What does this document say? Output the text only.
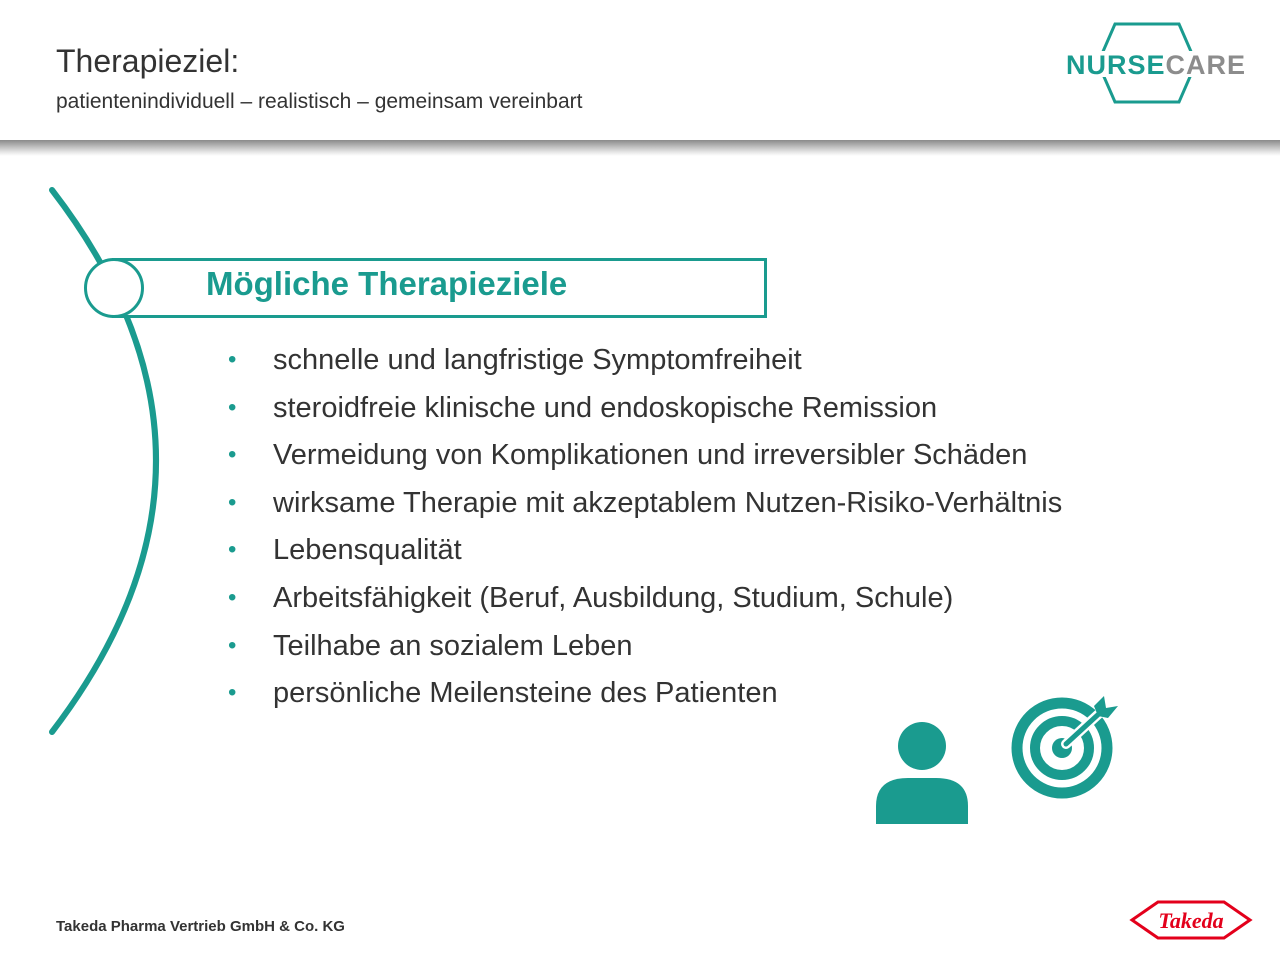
Therapieziel:
patientenindividuell – realistisch – gemeinsam vereinbart
NURSECARE
Mögliche Therapieziele
•	schnelle und langfristige Symptomfreiheit
•	steroidfreie klinische und endoskopische Remission
•	Vermeidung von Komplikationen und irreversibler Schäden
•	wirksame Therapie mit akzeptablem Nutzen-Risiko-Verhältnis
•	Lebensqualität
•	Arbeitsfähigkeit (Beruf, Ausbildung, Studium, Schule)
•	Teilhabe an sozialem Leben
•	persönliche Meilensteine des Patienten
Takeda Pharma Vertrieb GmbH & Co. KG	Takeda
